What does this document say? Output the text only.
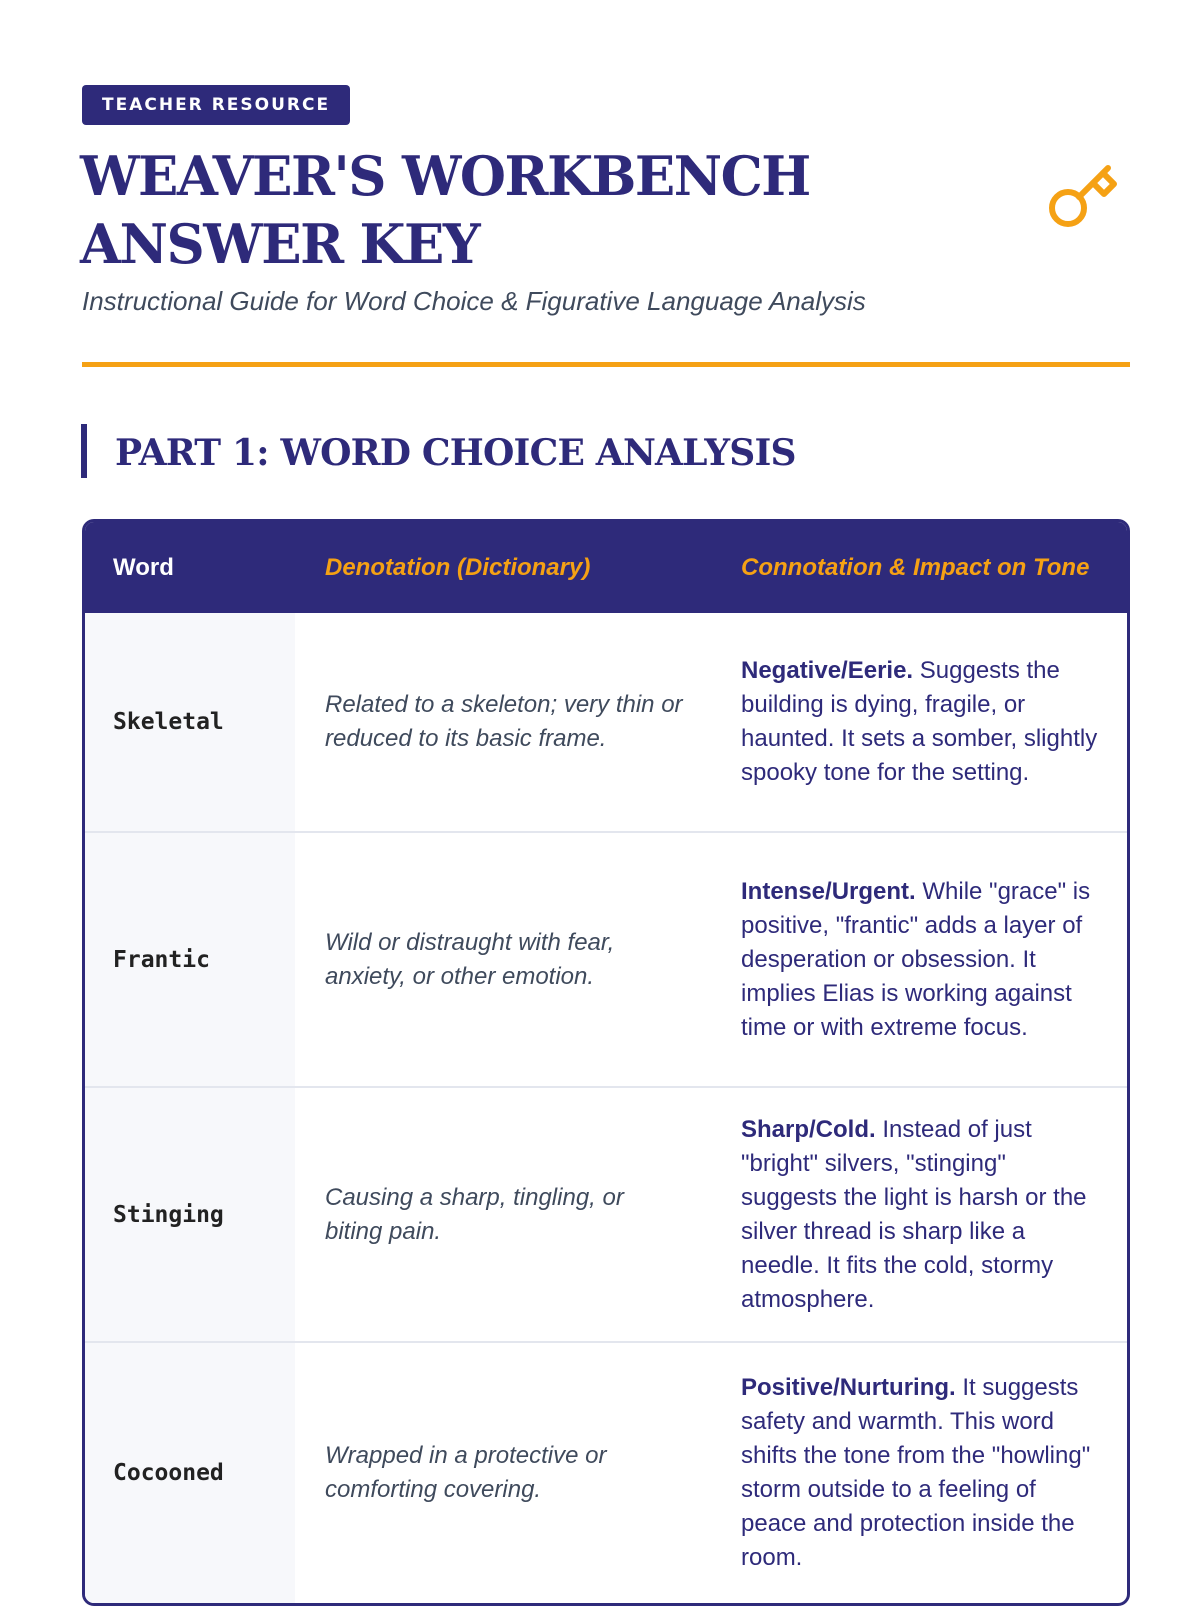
TEACHER RESOURCE
WEAVER'S WORKBENCH
ANSWER KEY
Instructional Guide for Word Choice & Figurative Language Analysis
PART 1: WORD CHOICE ANALYSIS
Word	Denotation (Dictionary)	Connotation & Impact on Tone
Skeletal
Related to a skeleton; very thin or reduced to its basic frame.
Negative/Eerie. Suggests the building is dying, fragile, or haunted. It sets a somber, slightly spooky tone for the setting.
Frantic
Wild or distraught with fear, anxiety, or other emotion.
Intense/Urgent. While "grace" is positive, "frantic" adds a layer of desperation or obsession. It implies Elias is working against time or with extreme focus.
Stinging
Causing a sharp, tingling, or biting pain.
Sharp/Cold. Instead of just "bright" silvers, "stinging" suggests the light is harsh or the silver thread is sharp like a needle. It fits the cold, stormy atmosphere.
Cocooned
Wrapped in a protective or comforting covering.
Positive/Nurturing. It suggests safety and warmth. This word shifts the tone from the "howling" storm outside to a feeling of peace and protection inside the room.
